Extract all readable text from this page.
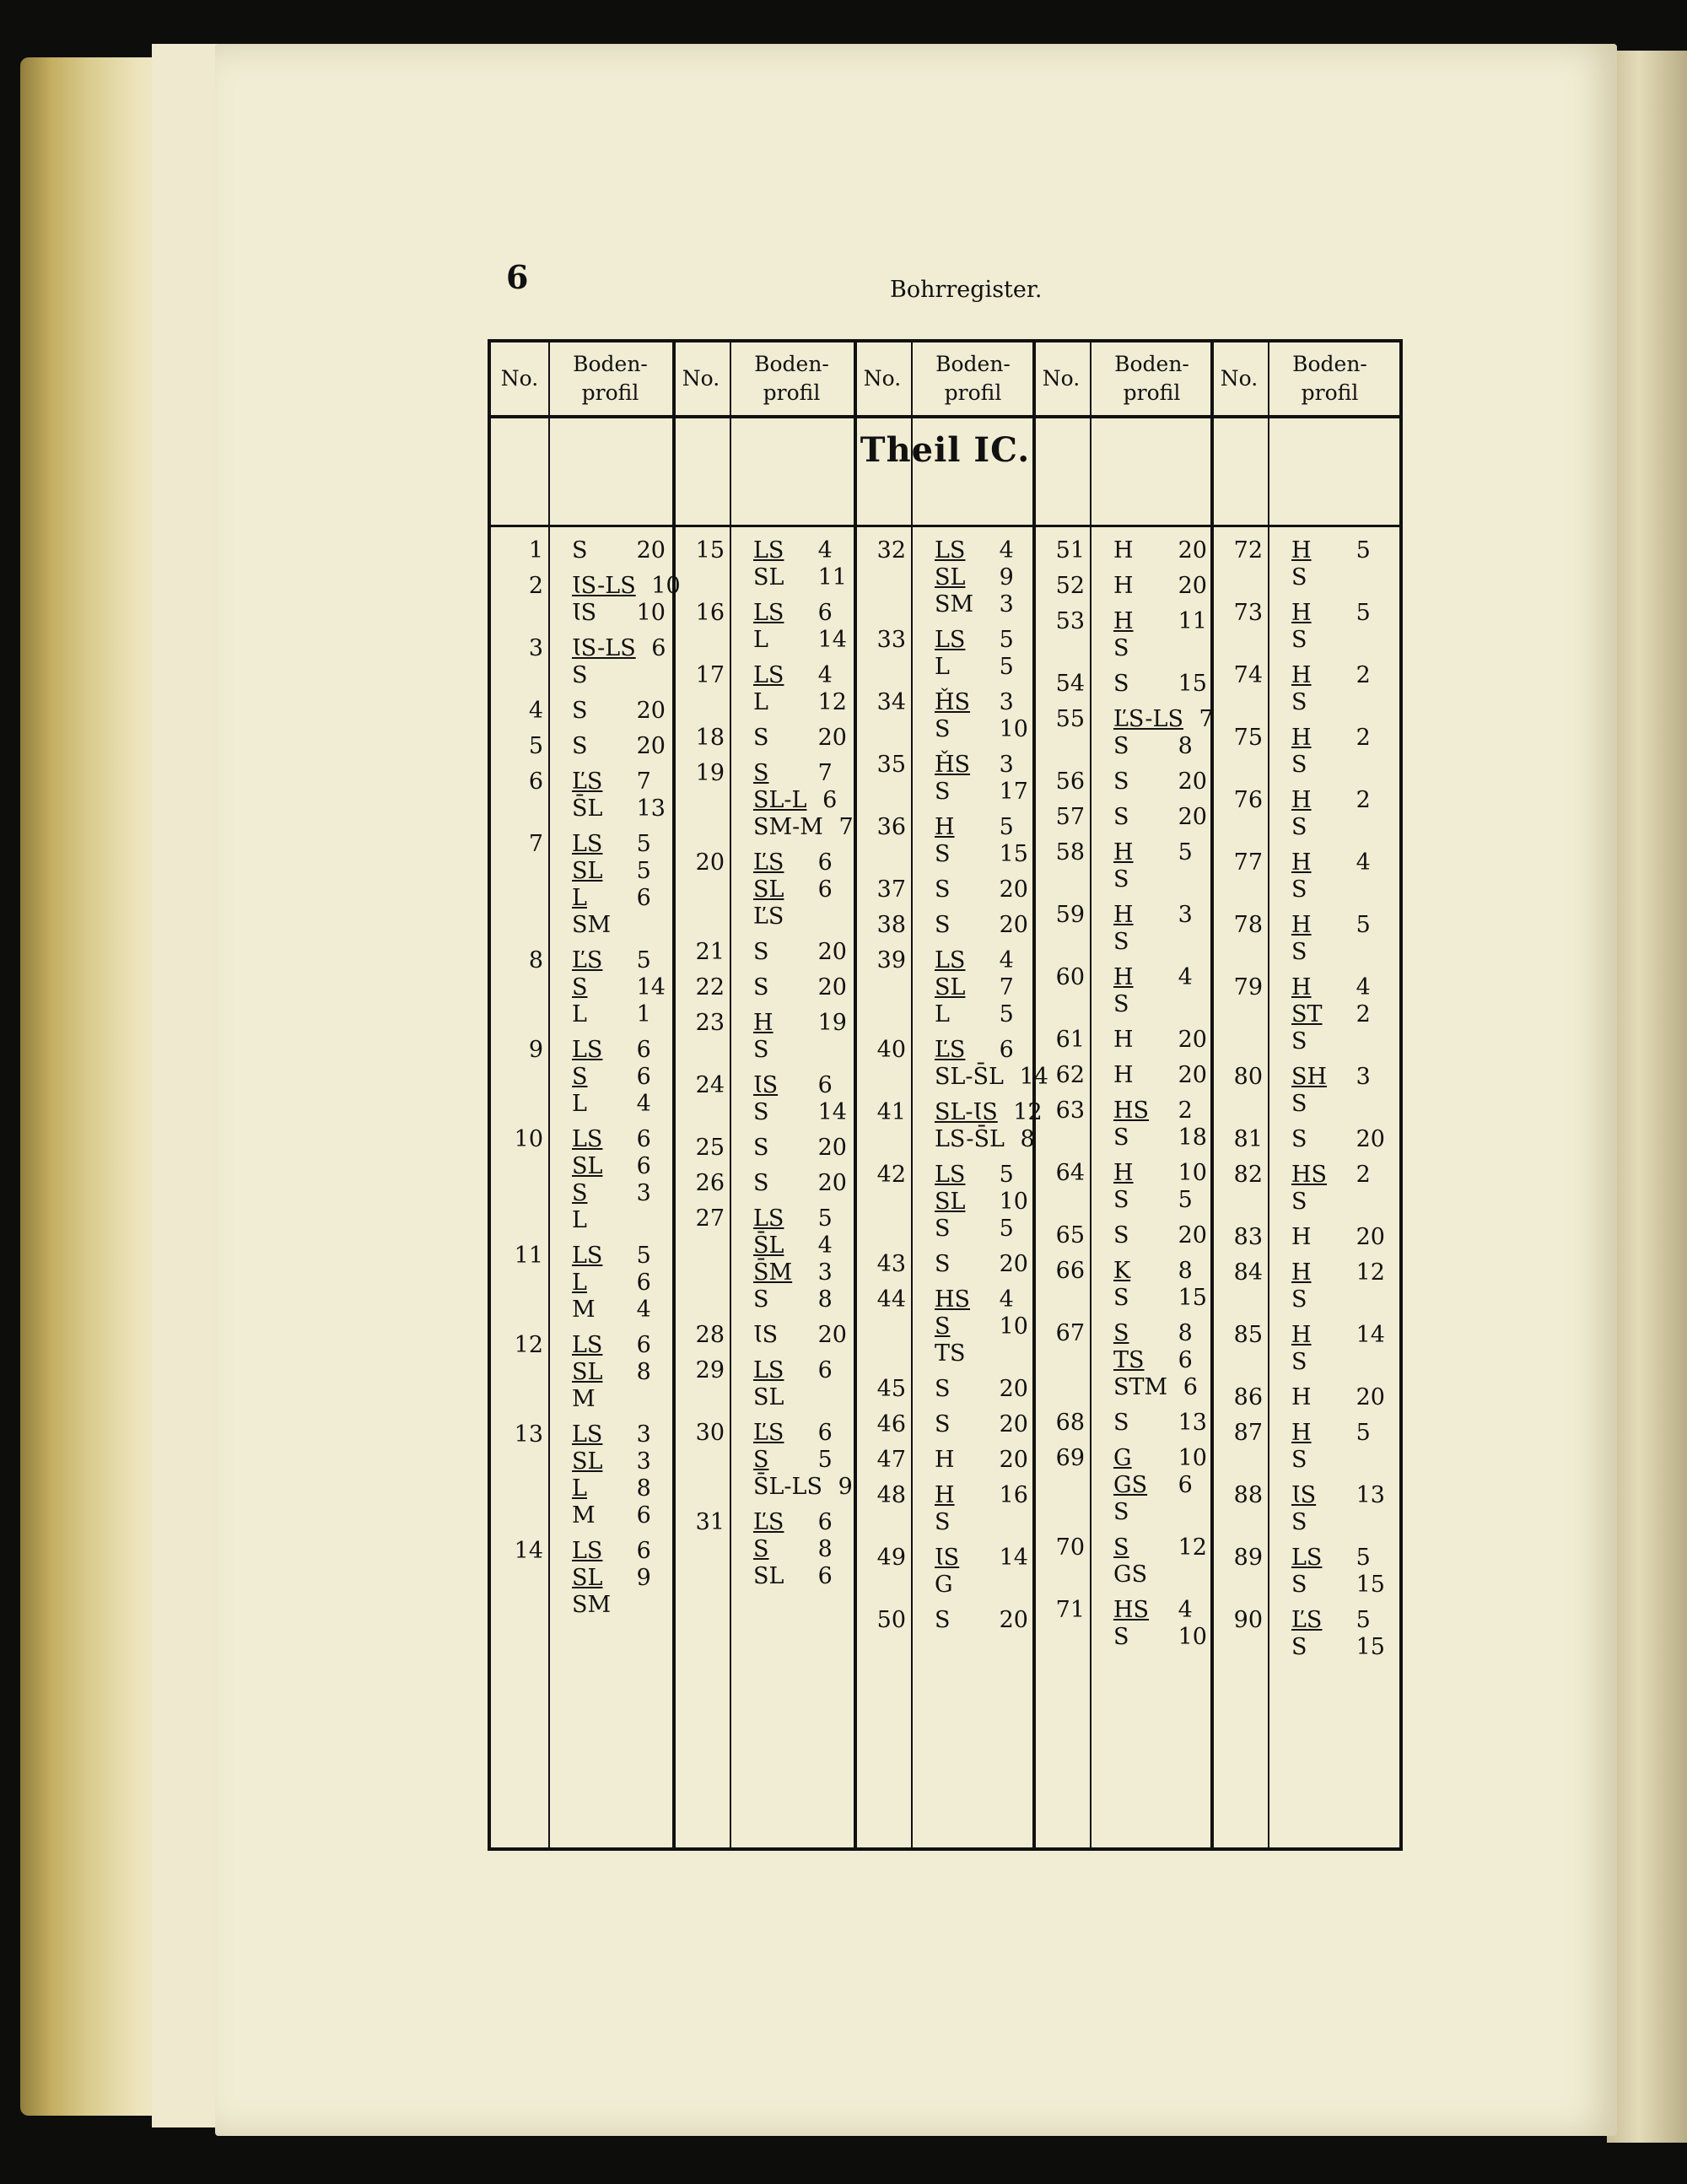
6	Bohrregister.
Theil IC.
No.
Boden-
profil
No.
Boden-
profil
No.
Boden-
profil
No.
Boden-
profil
No.
Boden-
profil
1 S 20
2 ƖS-LS 10
ƖS 10
3 ƖS-LS 6
S
4 S 20
5 S 20
6 ĽS 7
S̄L 13
7 LS 5
SL 5
L 6
SM
8 ĽS 5
S 14
L 1
9 LS 6
S 6
L 4
10 LS 6
SL 6
S 3
L
11 LS 5
L 6
M 4
12 LS 6
SL 8
M
13 LS 3
SL 3
L 8
M 6
14 LS 6
SL 9
SM
15 LS 4
SL 11
16 LS 6
L 14
17 LS 4
L 12
18 S 20
19 S 7
SL-L 6
SM-M 7
20 ĽS 6
SL 6
ĽS
21 S 20
22 S 20
23 H 19
S
24 ƖS 6
S 14
25 S 20
26 S 20
27 LS 5
S̄L 4
S̄M 3
S 8
28 ƖS 20
29 LS 6
SL
30 ĽS 6
S 5
S̄L-LS 9
31 ĽS 6
S 8
SL 6
32 LS 4
SL 9
SM 3
33 LS 5
L 5
34 ȞS 3
S 10
35 ȞS 3
S 17
36 H 5
S 15
37 S 20
38 S 20
39 LS 4
SL 7
L 5
40 ĽS 6
SL-S̄L 14
41 SL-ƖS 12
LS-S̄L 8
42 LS 5
SL 10
S 5
43 S 20
44 HS 4
S 10
TS
45 S 20
46 S 20
47 H 20
48 H 16
S
49 ƖS 14
G
50 S 20
51 H 20
52 H 20
53 H 11
S
54 S 15
55 ĽS-LS 7
S 8
56 S 20
57 S 20
58 H 5
S
59 H 3
S
60 H 4
S
61 H 20
62 H 20
63 HS 2
S 18
64 H 10
S 5
65 S 20
66 K 8
S 15
67 S 8
TS 6
STM 6
68 S 13
69 G 10
GS 6
S
70 S 12
GS
71 HS 4
S 10
72 H 5
S
73 H 5
S
74 H 2
S
75 H 2
S
76 H 2
S
77 H 4
S
78 H 5
S
79 H 4
ST 2
S
80 SH 3
S
81 S 20
82 HS 2
S
83 H 20
84 H 12
S
85 H 14
S
86 H 20
87 H 5
S
88 ƖS 13
S
89 LS 5
S 15
90 ĽS 5
S 15
